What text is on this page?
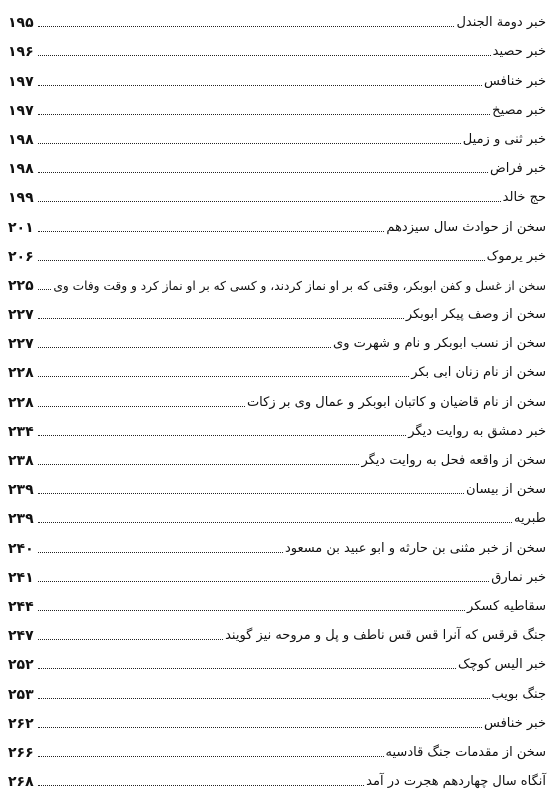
خبر دومة الجندل
۱۹۵
خبر حصید
۱۹۶
خبر خنافس
۱۹۷
خبر مصیخ
۱۹۷
خبر ثنی و زمیل
۱۹۸
خبر فراض
۱۹۸
حج خالد
۱۹۹
سخن از حوادث سال سیزدهم
۲۰۱
خبر یرموک
۲۰۶
سخن از غسل و کفن ابوبکر، وقتی که بر او نماز کردند، و کسی که بر او نماز کرد و وقت وفات وی
۲۲۵
سخن از وصف پیکر ابوبکر
۲۲۷
سخن از نسب ابوبکر و نام و شهرت وی
۲۲۷
سخن از نام زنان ابی بکر
۲۲۸
سخن از نام قاضیان و کاتبان ابوبکر و عمال وی بر زکات
۲۲۸
خبر دمشق به روایت دیگر
۲۳۴
سخن از واقعه فحل به روایت دیگر
۲۳۸
سخن از بیسان
۲۳۹
طبریه
۲۳۹
سخن از خبر مثنی بن حارثه و ابو عبید بن مسعود
۲۴۰
خبر نمارق
۲۴۱
سقاطیه کسکر
۲۴۴
جنگ قرقس که آنرا قس قس ناطف و پل و مروحه نیز گویند
۲۴۷
خبر الیس کوچک
۲۵۲
جنگ بویب
۲۵۳
خبر خنافس
۲۶۲
سخن از مقدمات جنگ قادسیه
۲۶۶
آنگاه سال چهاردهم هجرت در آمد
۲۶۸
